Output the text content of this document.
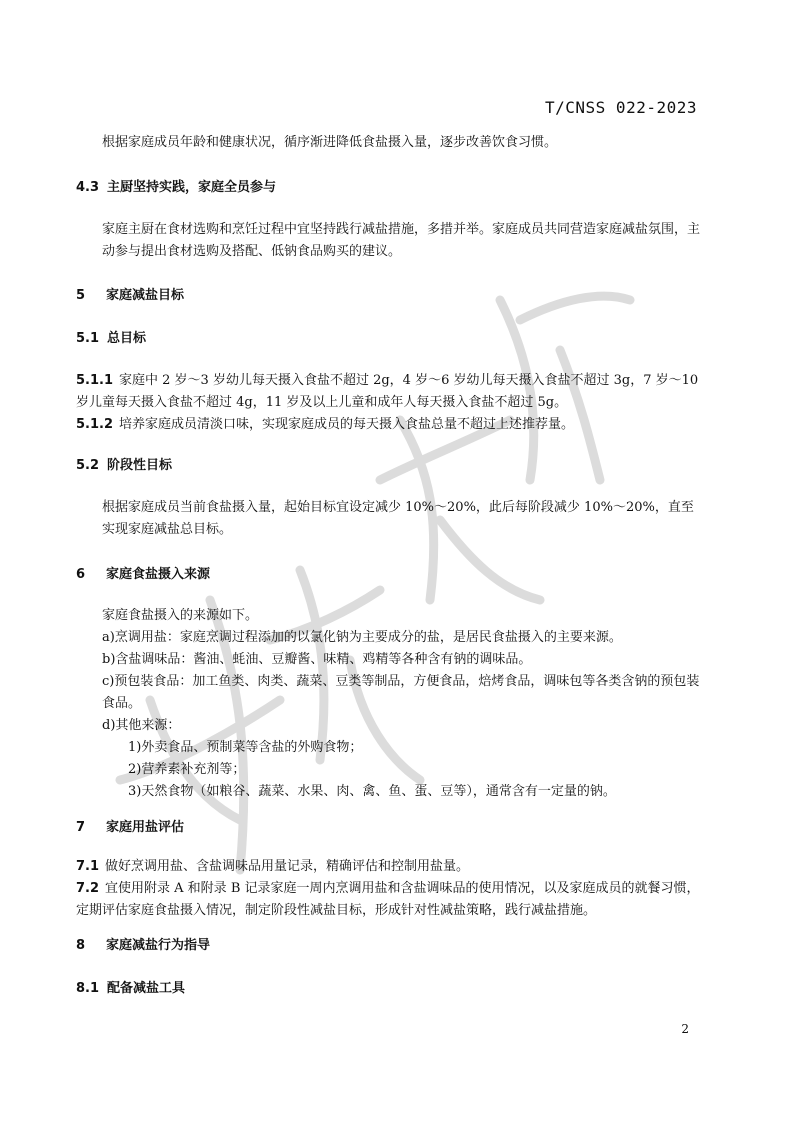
T/CNSS 022-2023

根据家庭成员年龄和健康状况，循序渐进降低食盐摄入量，逐步改善饮食习惯。

4.3 主厨坚持实践，家庭全员参与

家庭主厨在食材选购和烹饪过程中宜坚持践行减盐措施，多措并举。家庭成员共同营造家庭减盐氛围，主动参与提出食材选购及搭配、低钠食品购买的建议。

5 家庭减盐目标
5.1 总目标

5.1.1 家庭中 2 岁～3 岁幼儿每天摄入食盐不超过 2g，4 岁～6 岁幼儿每天摄入食盐不超过 3g，7 岁～10 岁儿童每天摄入食盐不超过 4g，11 岁及以上儿童和成年人每天摄入食盐不超过 5g。

5.1.2 培养家庭成员清淡口味，实现家庭成员的每天摄入食盐总量不超过上述推荐量。

5.2 阶段性目标

根据家庭成员当前食盐摄入量，起始目标宜设定减少 10%～20%，此后每阶段减少 10%～20%，直至实现家庭减盐总目标。

6 家庭食盐摄入来源

家庭食盐摄入的来源如下。

a)烹调用盐：家庭烹调过程添加的以氯化钠为主要成分的盐，是居民食盐摄入的主要来源。

b)含盐调味品：酱油、蚝油、豆瓣酱、味精、鸡精等各种含有钠的调味品。

c)预包装食品：加工鱼类、肉类、蔬菜、豆类等制品，方便食品，焙烤食品，调味包等各类含钠的预包装食品。

d)其他来源：

1)外卖食品、预制菜等含盐的外购食物；

2)营养素补充剂等；

3)天然食物（如粮谷、蔬菜、水果、肉、禽、鱼、蛋、豆等），通常含有一定量的钠。

7 家庭用盐评估

7.1 做好烹调用盐、含盐调味品用量记录，精确评估和控制用盐量。

7.2 宜使用附录 A 和附录 B 记录家庭一周内烹调用盐和含盐调味品的使用情况，以及家庭成员的就餐习惯，定期评估家庭食盐摄入情况，制定阶段性减盐目标，形成针对性减盐策略，践行减盐措施。

8 家庭减盐行为指导
8.1 配备减盐工具
2
